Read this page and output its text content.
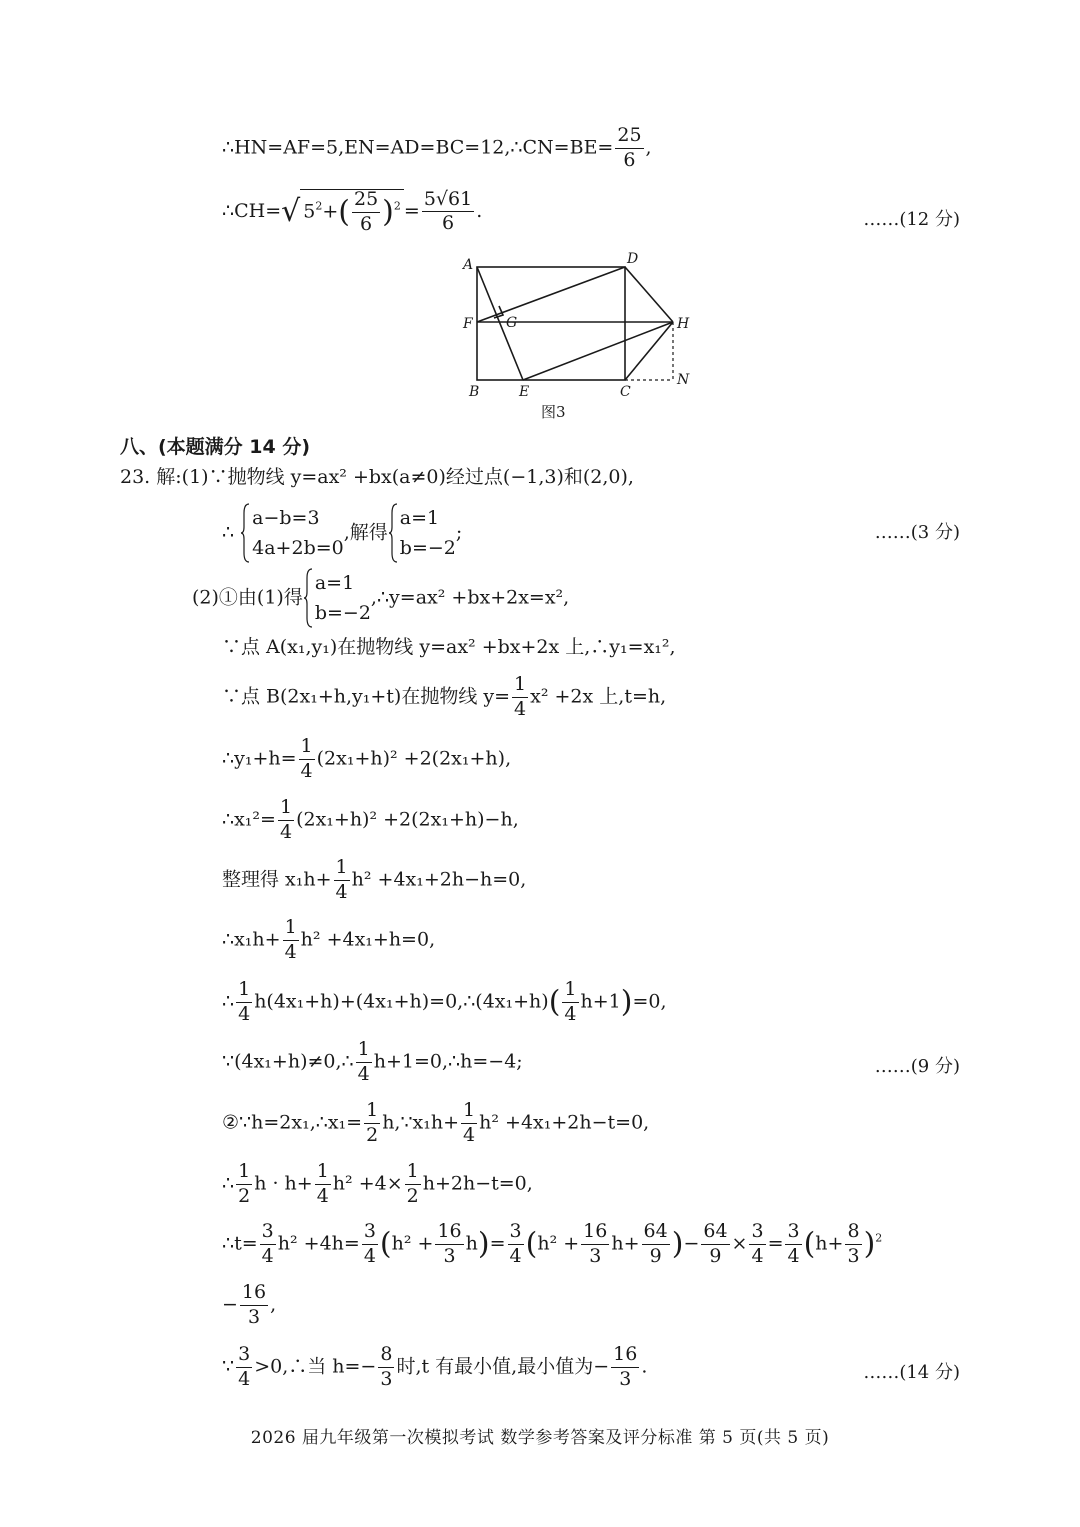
∴HN=AF=5,EN=AD=BC=12,∴CN=BE= $\frac{25}{6}$ ,
∴CH=√ $5^2+( \frac{25}{6} )^2 = \frac{5√61}{6}$ .	……(12 分)
A	D
F G	H
B	E	C
N
图3
八、(本题满分 14 分)
23. 解:(1)∵抛物线 y=ax² +bx(a≠0)经过点(−1,3)和(2,0),
∴
a−b=3
4a+2b=0
,解得
a=1
b=−2
;	……(3 分)
(2)①由(1)得
a=1
b=−2
,∴y=ax² +bx+2x=x²,
∵点 A(x₁,y₁)在抛物线 y=ax² +bx+2x 上,∴y₁=x₁²,
∵点 B(2x₁+h,y₁+t)在抛物线 $y= \frac{1}{4} x^2 +2x$ 上,t=h,
∴y₁+h= $\frac{1}{4} (2x_1+h)^2 +2(2x_1+h)$,
∴x₁²= $\frac{1}{4} (2x_1+h)^2 +2(2x_1+h)-h$,
整理得 $x_1h+ \frac{1}{4} h^2 +4x_1+2h-h=0$,
∴x₁h+ $\frac{1}{4} h^2 +4x_1+h=0$,
∴ $\frac{1}{4}$ h(4x₁+h)+(4x₁+h)=0,∴(4x₁+h)( $\frac{1}{4} h+1)=0$,
∵(4x₁+h)≠0,∴ $\frac{1}{4}$ h+1=0,∴h=−4;	……(9 分)
②∵h=2x₁,∴x₁= $\frac{1}{2}$ h,∵x₁h+ $\frac{1}{4} h^2 +4x_1+2h-t=0$,
∴ $\frac{1}{2}$ $h \cdot h+ \frac{1}{4} h^2 +4\times \frac{1}{2} h+2h-t=0$,
∴t= $\frac{3}{4} h^2 +4h= \frac{3}{4} (h^2 + \frac{16}{3} h)= \frac{3}{4} (h^2 + \frac{16}{3} h+ \frac{64}{9}$ )− $\frac{64}{9} \times \frac{3}{4} = \frac{3}{4} (h+ \frac{8}{3} )^2$
− $\frac{16}{3}$ ,
∵ $\frac{3}{4}$ >0,∴当 $h=- \frac{8}{3}$ 时,t 有最小值,最小值为− $\frac{16}{3}$ .	……(14 分)
2026 届九年级第一次模拟考试 数学参考答案及评分标准 第 5 页(共 5 页)
